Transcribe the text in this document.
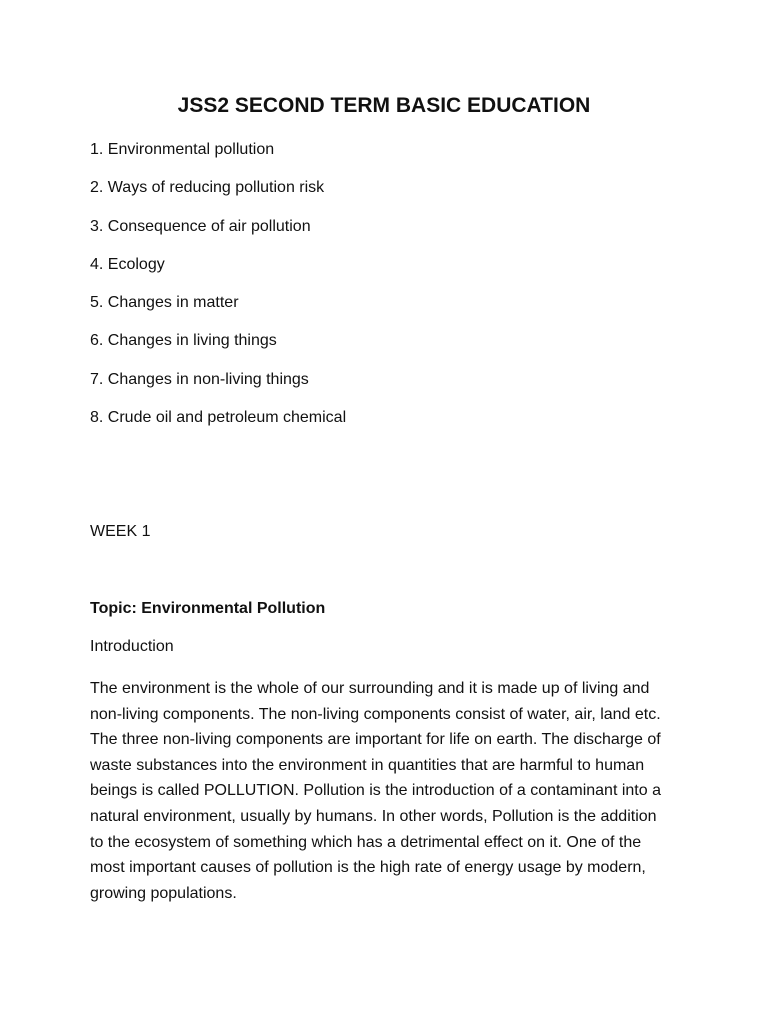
JSS2 SECOND TERM BASIC EDUCATION
1. Environmental pollution
2. Ways of reducing pollution risk
3. Consequence of air pollution
4. Ecology
5. Changes in matter
6. Changes in living things
7. Changes in non-living things
8. Crude oil and petroleum chemical

WEEK 1

Topic: Environmental Pollution

Introduction

The environment is the whole of our surrounding and it is made up of living and
non-living components. The non-living components consist of water, air, land etc.
The three non-living components are important for life on earth. The discharge of
waste substances into the environment in quantities that are harmful to human
beings is called POLLUTION. Pollution is the introduction of a contaminant into a
natural environment, usually by humans. In other words, Pollution is the addition
to the ecosystem of something which has a detrimental effect on it. One of the
most important causes of pollution is the high rate of energy usage by modern,
growing populations.
